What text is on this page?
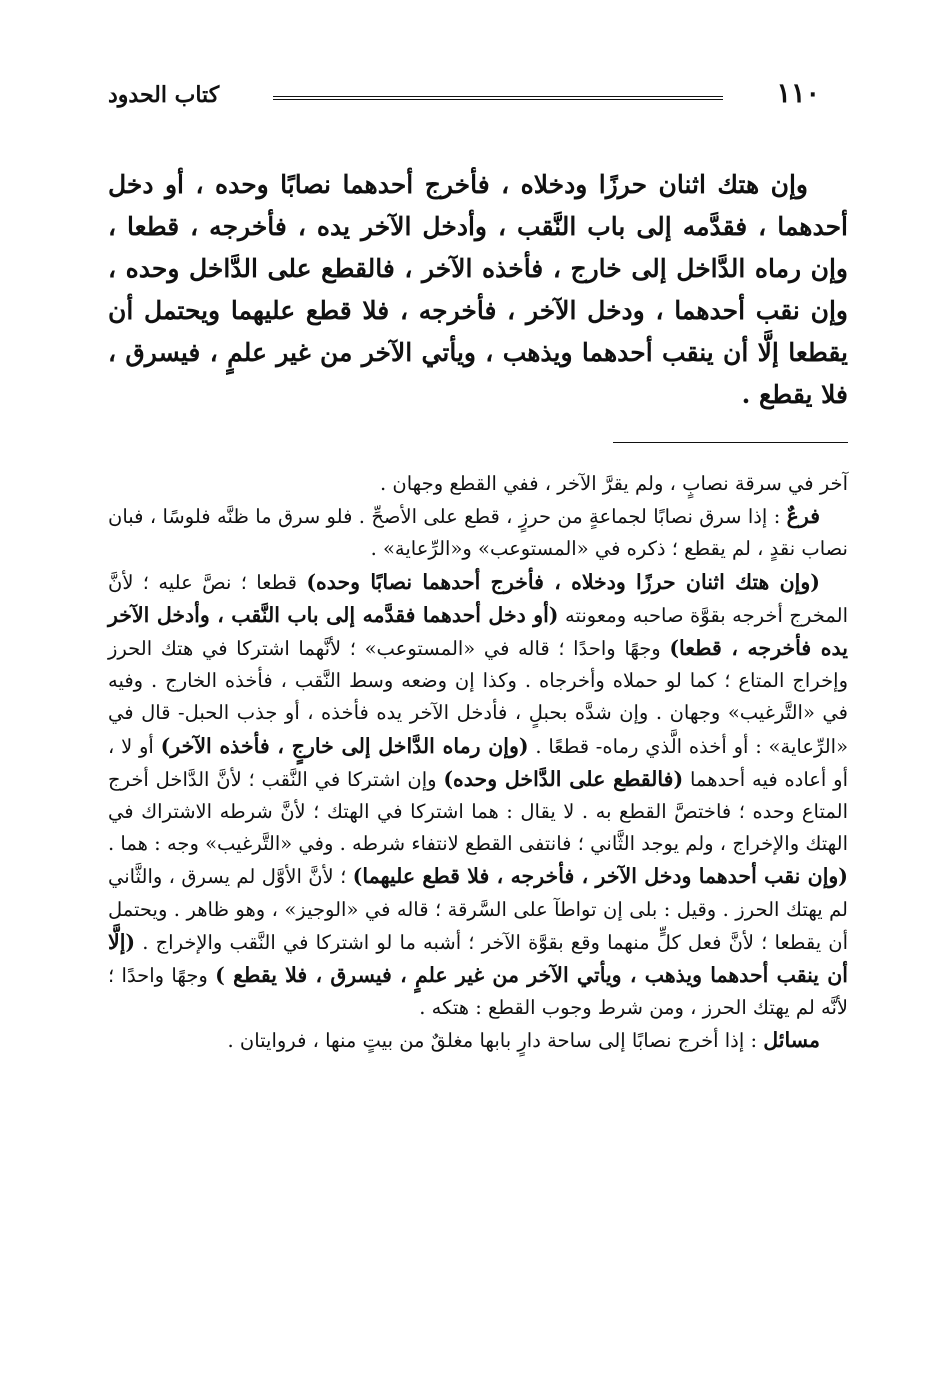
١١٠
كتاب الحدود

وإن هتك اثنان حرزًا ودخلاه ، فأخرج أحدهما نصابًا وحده ، أو دخل أحدهما ، فقدَّمه إلى باب النَّقب ، وأدخل الآخر يده ، فأخرجه ، قطعا ، وإن رماه الدَّاخل إلى خارج ، فأخذه الآخر ، فالقطع على الدَّاخل وحده ، وإن نقب أحدهما ، ودخل الآخر ، فأخرجه ، فلا قطع عليهما ويحتمل أن يقطعا إلَّا أن ينقب أحدهما ويذهب ، ويأتي الآخر من غير علمٍ ، فيسرق ، فلا يقطع .

آخر في سرقة نصابٍ ، ولم يقرَّ الآخر ، ففي القطع وجهان .

فرعٌ : إذا سرق نصابًا لجماعةٍ من حرزٍ ، قطع على الأصحِّ . فلو سرق ما ظنَّه فلوسًا ، فبان نصاب نقدٍ ، لم يقطع ؛ ذكره في «المستوعب» و«الرِّعاية» .

(وإن هتك اثنان حرزًا ودخلاه ، فأخرج أحدهما نصابًا وحده) قطعا ؛ نصَّ عليه ؛ لأنَّ المخرج أخرجه بقوَّة صاحبه ومعونته (أو دخل أحدهما فقدَّمه إلى باب النَّقب ، وأدخل الآخر يده فأخرجه ، قطعا) وجهًا واحدًا ؛ قاله في «المستوعب» ؛ لأنَّهما اشتركا في هتك الحرز وإخراج المتاع ؛ كما لو حملاه وأخرجاه . وكذا إن وضعه وسط النَّقب ، فأخذه الخارج . وفيه في «التَّرغيب» وجهان . وإن شدَّه بحبلٍ ، فأدخل الآخر يده فأخذه ، أو جذب الحبل- قال في «الرِّعاية» : أو أخذه الَّذي رماه- قطعًا . (وإن رماه الدَّاخل إلى خارجٍ ، فأخذه الآخر) أو لا ، أو أعاده فيه أحدهما (فالقطع على الدَّاخل وحده) وإن اشتركا في النَّقب ؛ لأنَّ الدَّاخل أخرج المتاع وحده ؛ فاختصَّ القطع به . لا يقال : هما اشتركا في الهتك ؛ لأنَّ شرطه الاشتراك في الهتك والإخراج ، ولم يوجد الثَّاني ؛ فانتفى القطع لانتفاء شرطه . وفي «التَّرغيب» وجه : هما . (وإن نقب أحدهما ودخل الآخر ، فأخرجه ، فلا قطع عليهما) ؛ لأنَّ الأوَّل لم يسرق ، والثَّاني لم يهتك الحرز . وقيل : بلى إن تواطآ على السَّرقة ؛ قاله في «الوجيز» ، وهو ظاهر . ويحتمل أن يقطعا ؛ لأنَّ فعل كلٍّ منهما وقع بقوَّة الآخر ؛ أشبه ما لو اشتركا في النَّقب والإخراج . (إلَّا أن ينقب أحدهما ويذهب ، ويأتي الآخر من غير علمٍ ، فيسرق ، فلا يقطع ) وجهًا واحدًا ؛ لأنَّه لم يهتك الحرز ، ومن شرط وجوب القطع : هتكه .

مسائل : إذا أخرج نصابًا إلى ساحة دارٍ بابها مغلقٌ من بيتٍ منها ، فروايتان .
